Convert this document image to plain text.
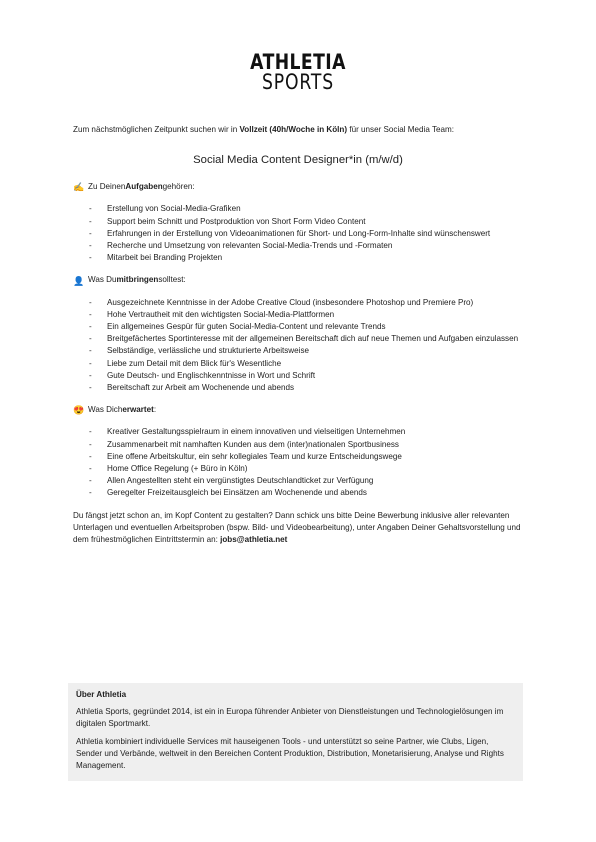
ATHLETIA
SPORTS

Zum nächstmöglichen Zeitpunkt suchen wir in Vollzeit (40h/Woche in Köln) für unser Social Media Team:

Social Media Content Designer*in (m/w/d)

✍ Zu Deinen Aufgaben gehören:
- Erstellung von Social-Media-Grafiken
- Support beim Schnitt und Postproduktion von Short Form Video Content
- Erfahrungen in der Erstellung von Videoanimationen für Short- und Long-Form-Inhalte sind wünschenswert
- Recherche und Umsetzung von relevanten Social-Media-Trends und -Formaten
- Mitarbeit bei Branding Projekten
👤 Was Du mitbringen solltest:
- Ausgezeichnete Kenntnisse in der Adobe Creative Cloud (insbesondere Photoshop und Premiere Pro)
- Hohe Vertrautheit mit den wichtigsten Social-Media-Plattformen
- Ein allgemeines Gespür für guten Social-Media-Content und relevante Trends
- Breitgefächertes Sportinteresse mit der allgemeinen Bereitschaft dich auf neue Themen und Aufgaben einzulassen
- Selbständige, verlässliche und strukturierte Arbeitsweise
- Liebe zum Detail mit dem Blick für's Wesentliche
- Gute Deutsch- und Englischkenntnisse in Wort und Schrift
- Bereitschaft zur Arbeit am Wochenende und abends
😍 Was Dich erwartet :
- Kreativer Gestaltungsspielraum in einem innovativen und vielseitigen Unternehmen
- Zusammenarbeit mit namhaften Kunden aus dem (inter)nationalen Sportbusiness
- Eine offene Arbeitskultur, ein sehr kollegiales Team und kurze Entscheidungswege
- Home Office Regelung (+ Büro in Köln)
- Allen Angestellten steht ein vergünstigtes Deutschlandticket zur Verfügung
- Geregelter Freizeitausgleich bei Einsätzen am Wochenende und abends

Du fängst jetzt schon an, im Kopf Content zu gestalten? Dann schick uns bitte Deine Bewerbung inklusive aller relevanten Unterlagen und eventuellen Arbeitsproben (bspw. Bild- und Videobearbeitung), unter Angaben Deiner Gehaltsvorstellung und dem frühestmöglichen Eintrittstermin an: jobs@athletia.net

Über Athletia

Athletia Sports, gegründet 2014, ist ein in Europa führender Anbieter von Dienstleistungen und Technologielösungen im digitalen Sportmarkt.

Athletia kombiniert individuelle Services mit hauseigenen Tools - und unterstützt so seine Partner, wie Clubs, Ligen, Sender und Verbände, weltweit in den Bereichen Content Produktion, Distribution, Monetarisierung, Analyse und Rights Management.
